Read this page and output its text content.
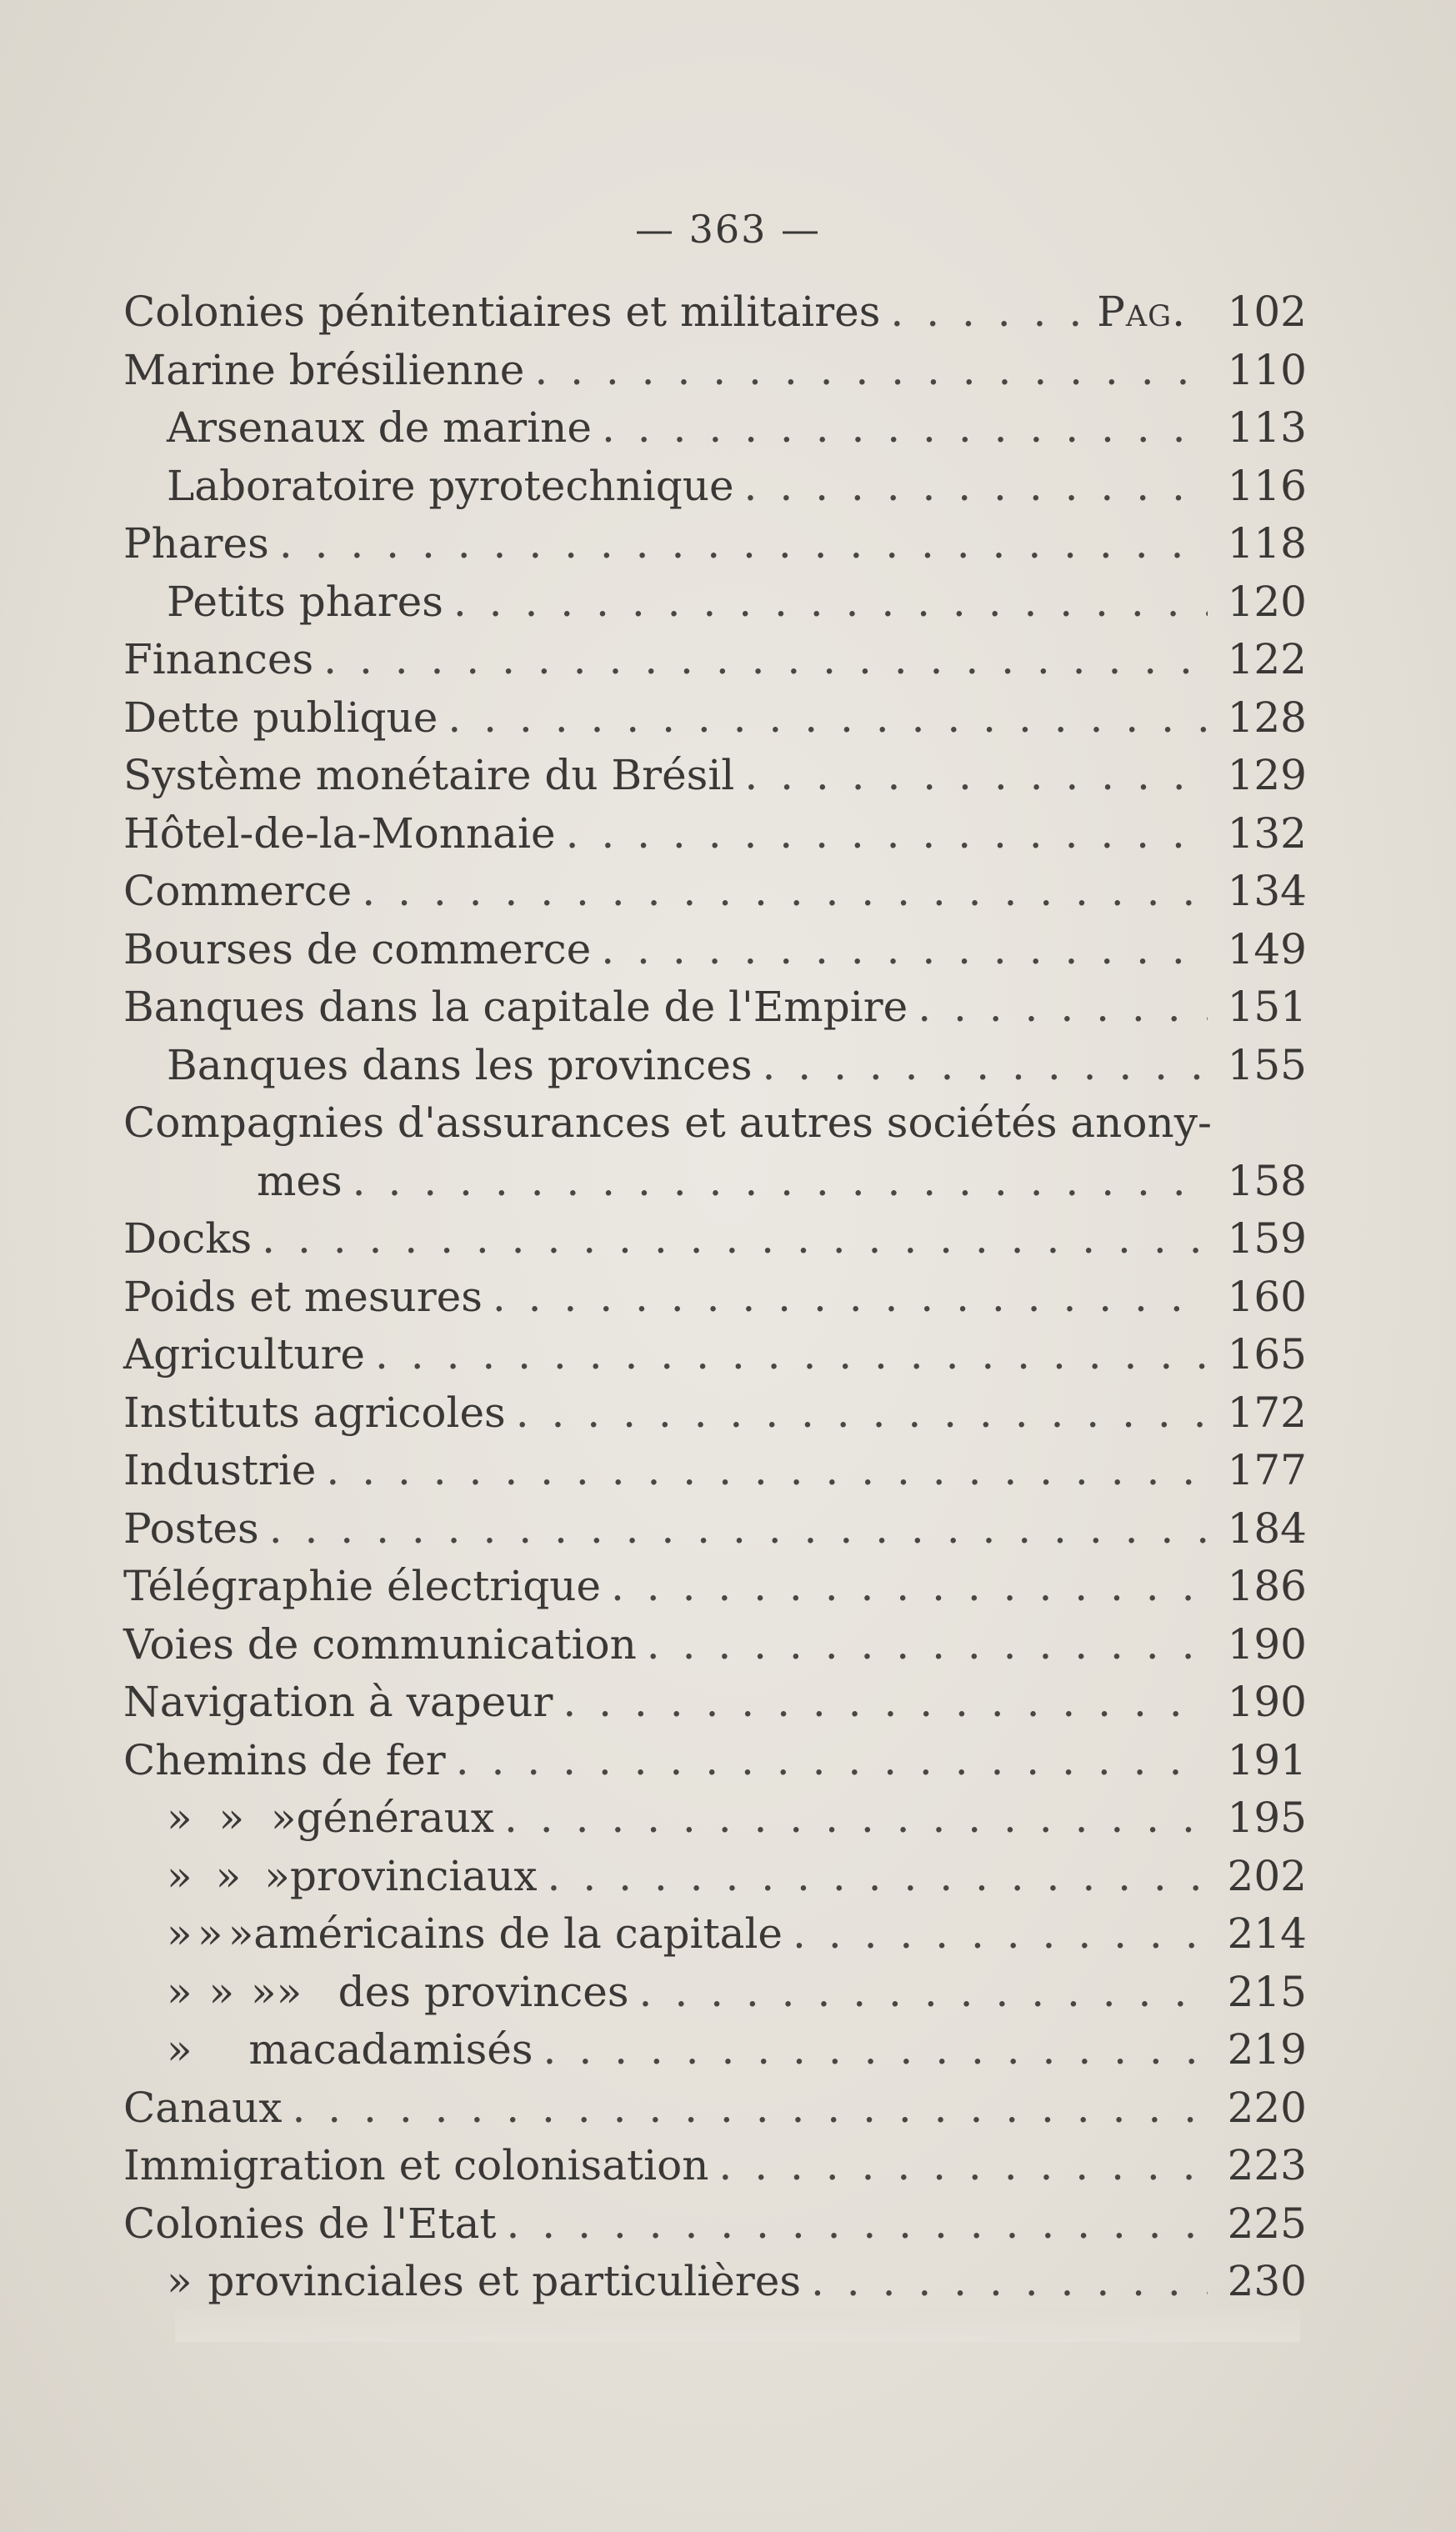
— 363 —
Colonies pénitentiaires et militaires . . .	Pag. 102
Marine brésilienne . . .	110
Arsenaux de marine . . .	113
Laboratoire pyrotechnique . . .	116
Phares . . .	118
Petits phares . . .	120
Finances . . .	122
Dette publique . . .	128
Système monétaire du Brésil . . .	129
Hôtel-de-la-Monnaie . . .	132
Commerce . . .	134
Bourses de commerce . . .	149
Banques dans la capitale de l'Empire . . .	151
Banques dans les provinces . . .	155
Compagnies d'assurances et autres sociétés anony-
mes . . .	158
Docks . . .	159
Poids et mesures . . .	160
Agriculture . . .	165
Instituts agricoles . . .	172
Industrie . . .	177
Postes . . .	184
Télégraphie électrique . . .	186
Voies de communication . . .	190
Navigation à vapeur . . .	190
Chemins de fer . . .	191
» » » généraux . . .	195
» » » provinciaux . . .	202
» » » américains de la capitale . . .	214
» » » » des provinces . . .	215
»	macadamisés . . .	219
Canaux . . .	220
Immigration et colonisation . . .	223
Colonies de l'Etat . . .	225
» provinciales et particulières . . .	230
